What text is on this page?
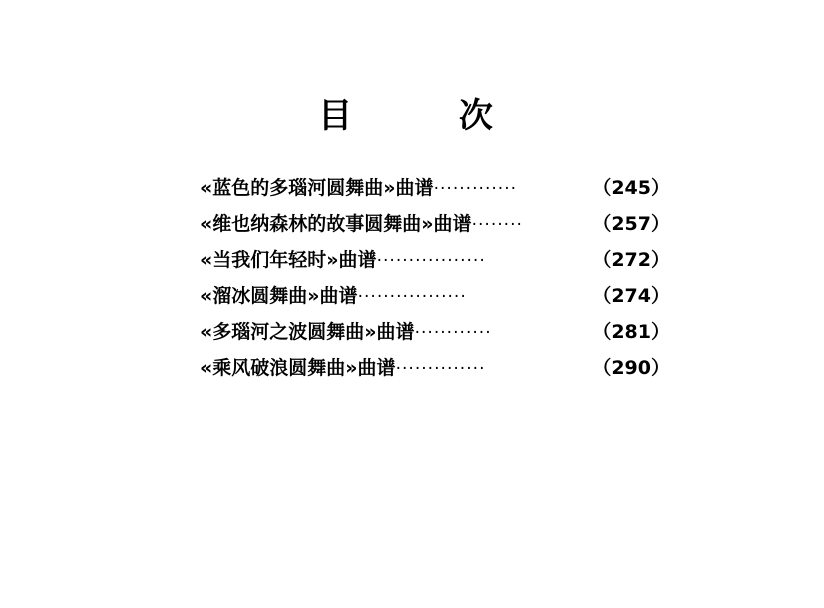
目　　次
«蓝色的多瑙河圆舞曲»曲谱 ·············	（245）
«维也纳森林的故事圆舞曲»曲谱 ········	（257）
«当我们年轻时»曲谱 ·················	（272）
«溜冰圆舞曲»曲谱 ·················	（274）
«多瑙河之波圆舞曲»曲谱 ············	（281）
«乘风破浪圆舞曲»曲谱 ··············	（290）
